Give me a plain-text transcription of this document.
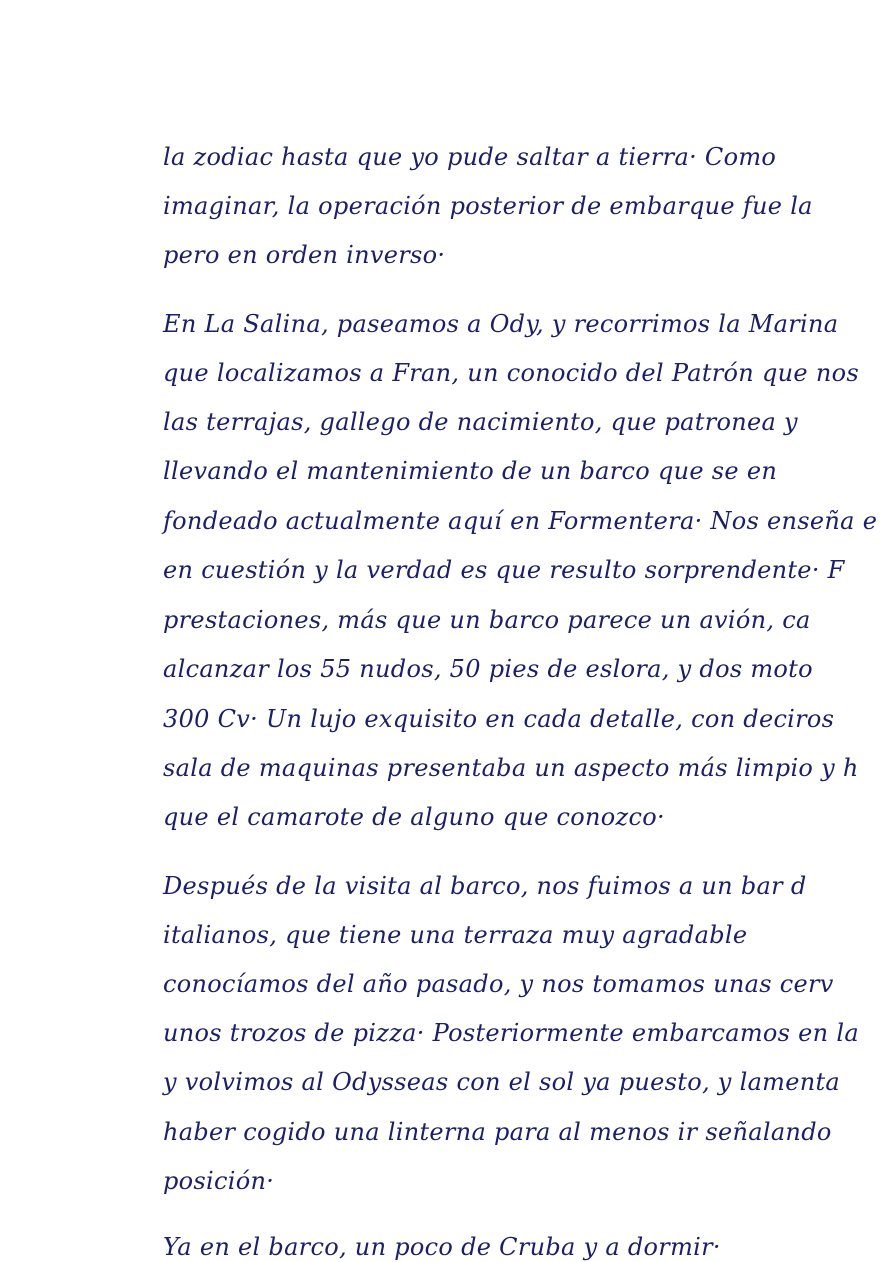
la zodiac hasta que yo pude saltar a tierra· Como
imaginar, la operación posterior de embarque fue la
pero en orden inverso·
En La Salina, paseamos a Ody, y recorrimos la Marina
que localizamos a Fran, un conocido del Patrón que nos
las terrajas, gallego de nacimiento, que patronea y
llevando el mantenimiento de un barco que se en
fondeado actualmente aquí en Formentera· Nos enseña e
en cuestión y la verdad es que resulto sorprendente· F
prestaciones, más que un barco parece un avión, ca
alcanzar los 55 nudos, 50 pies de eslora, y dos moto
300 Cv· Un lujo exquisito en cada detalle, con deciros
sala de maquinas presentaba un aspecto más limpio y h
que el camarote de alguno que conozco·
Después de la visita al barco, nos fuimos a un bar d
italianos, que tiene una terraza muy agradable
conocíamos del año pasado, y nos tomamos unas cerv
unos trozos de pizza· Posteriormente embarcamos en la
y volvimos al Odysseas con el sol ya puesto, y lamenta
haber cogido una linterna para al menos ir señalando
posición·
Ya en el barco, un poco de Cruba y a dormir·
